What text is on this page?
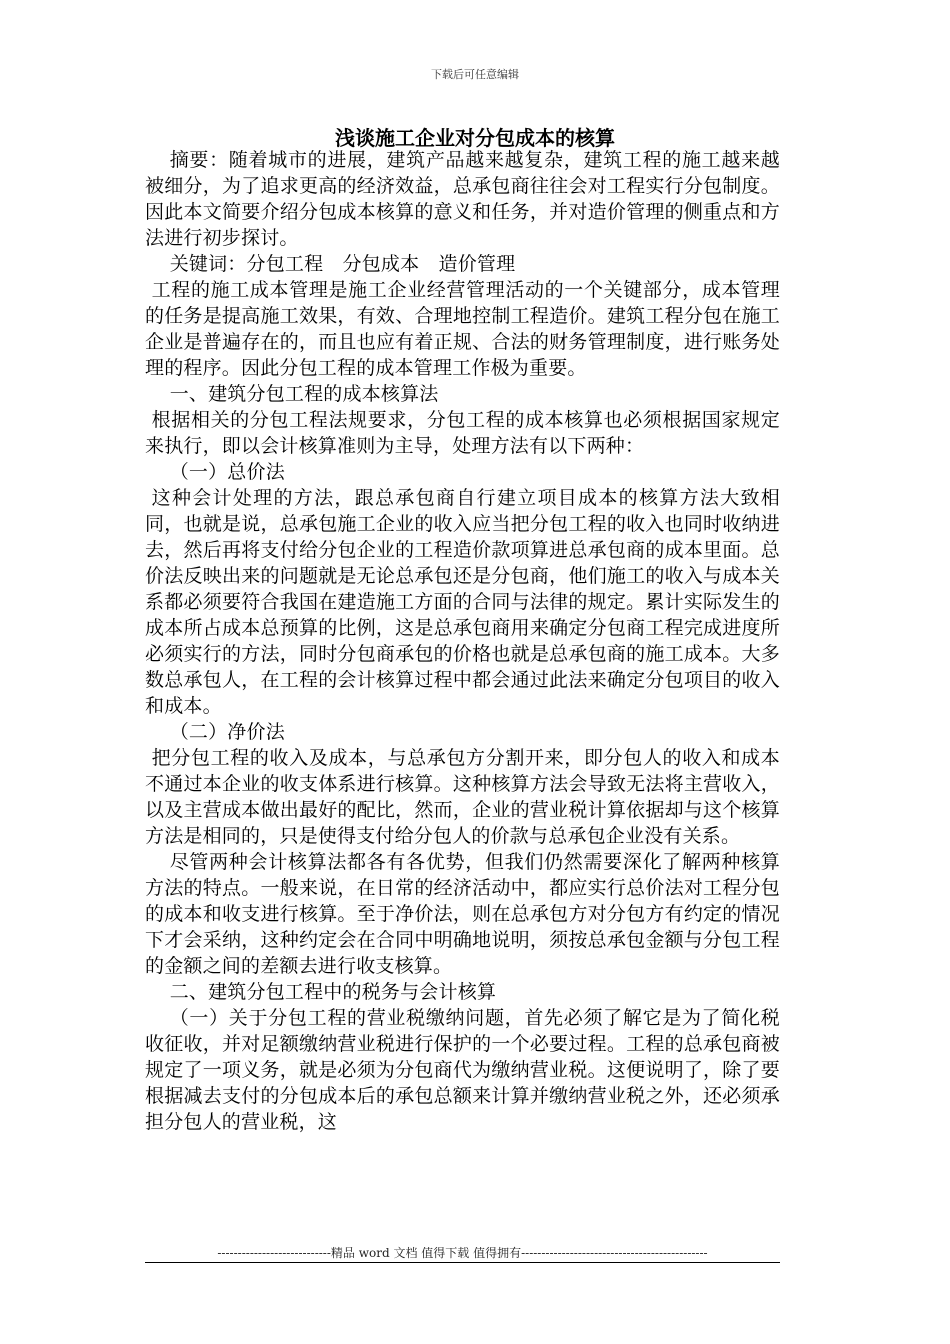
下载后可任意编辑
浅谈施工企业对分包成本的核算

摘要：随着城市的进展，建筑产品越来越复杂，建筑工程的施工越来越被细分，为了追求更高的经济效益，总承包商往往会对工程实行分包制度。因此本文简要介绍分包成本核算的意义和任务，并对造价管理的侧重点和方法进行初步探讨。

关键词：分包工程　分包成本　造价管理

工程的施工成本管理是施工企业经营管理活动的一个关键部分，成本管理的任务是提高施工效果，有效、合理地控制工程造价。建筑工程分包在施工企业是普遍存在的，而且也应有着正规、合法的财务管理制度，进行账务处理的程序。因此分包工程的成本管理工作极为重要。

一、建筑分包工程的成本核算法

根据相关的分包工程法规要求，分包工程的成本核算也必须根据国家规定来执行，即以会计核算准则为主导，处理方法有以下两种：

（一）总价法

这种会计处理的方法，跟总承包商自行建立项目成本的核算方法大致相同，也就是说，总承包施工企业的收入应当把分包工程的收入也同时收纳进去，然后再将支付给分包企业的工程造价款项算进总承包商的成本里面。总价法反映出来的问题就是无论总承包还是分包商，他们施工的收入与成本关系都必须要符合我国在建造施工方面的合同与法律的规定。累计实际发生的成本所占成本总预算的比例，这是总承包商用来确定分包商工程完成进度所必须实行的方法，同时分包商承包的价格也就是总承包商的施工成本。大多数总承包人，在工程的会计核算过程中都会通过此法来确定分包项目的收入和成本。

（二）净价法

把分包工程的收入及成本，与总承包方分割开来，即分包人的收入和成本不通过本企业的收支体系进行核算。这种核算方法会导致无法将主营收入，以及主营成本做出最好的配比，然而，企业的营业税计算依据却与这个核算方法是相同的，只是使得支付给分包人的价款与总承包企业没有关系。

尽管两种会计核算法都各有各优势，但我们仍然需要深化了解两种核算方法的特点。一般来说，在日常的经济活动中，都应实行总价法对工程分包的成本和收支进行核算。至于净价法，则在总承包方对分包方有约定的情况下才会采纳，这种约定会在合同中明确地说明，须按总承包金额与分包工程的金额之间的差额去进行收支核算。

二、建筑分包工程中的税务与会计核算

（一）关于分包工程的营业税缴纳问题，首先必须了解它是为了简化税收征收，并对足额缴纳营业税进行保护的一个必要过程。工程的总承包商被规定了一项义务，就是必须为分包商代为缴纳营业税。这便说明了，除了要根据减去支付的分包成本后的承包总额来计算并缴纳营业税之外，还必须承担分包人的营业税，这

----------------------------精品 word 文档 值得下载 值得拥有----------------------------------------------
